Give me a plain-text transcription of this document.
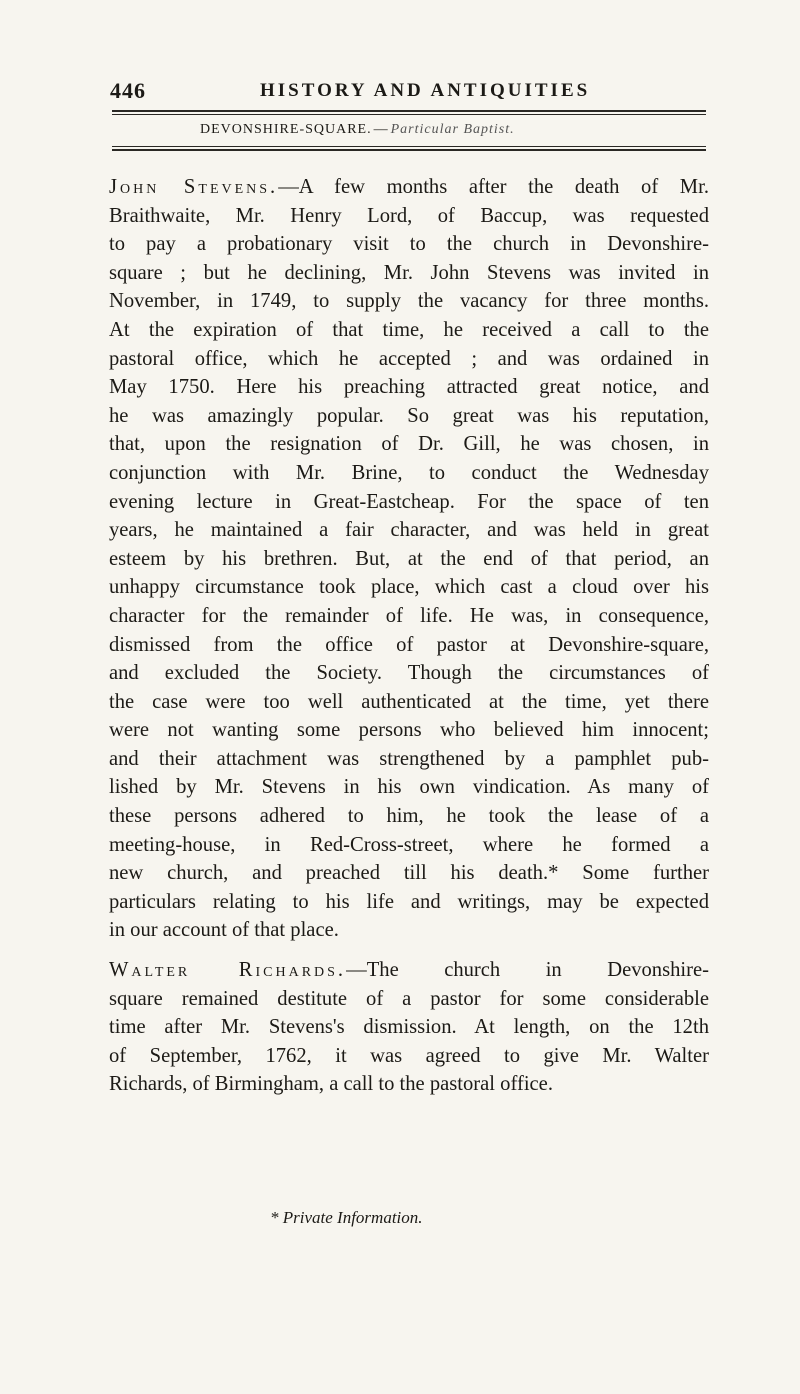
446	HISTORY AND ANTIQUITIES
DEVONSHIRE-SQUARE. — Particular Baptist.
John Stevens.—A few months after the death of Mr.
Braithwaite, Mr. Henry Lord, of Baccup, was requested
to pay a probationary visit to the church in Devonshire-
square ; but he declining, Mr. John Stevens was invited in
November, in 1749, to supply the vacancy for three months.
At the expiration of that time, he received a call to the
pastoral office, which he accepted ; and was ordained in
May 1750. Here his preaching attracted great notice, and
he was amazingly popular. So great was his reputation,
that, upon the resignation of Dr. Gill, he was chosen, in
conjunction with Mr. Brine, to conduct the Wednesday
evening lecture in Great-Eastcheap. For the space of ten
years, he maintained a fair character, and was held in great
esteem by his brethren. But, at the end of that period, an
unhappy circumstance took place, which cast a cloud over his
character for the remainder of life. He was, in consequence,
dismissed from the office of pastor at Devonshire-square,
and excluded the Society. Though the circumstances of
the case were too well authenticated at the time, yet there
were not wanting some persons who believed him innocent;
and their attachment was strengthened by a pamphlet pub-
lished by Mr. Stevens in his own vindication. As many of
these persons adhered to him, he took the lease of a
meeting-house, in Red-Cross-street, where he formed a
new church, and preached till his death.* Some further
particulars relating to his life and writings, may be expected
in our account of that place.
Walter Richards.—The church in Devonshire-
square remained destitute of a pastor for some considerable
time after Mr. Stevens's dismission. At length, on the 12th
of September, 1762, it was agreed to give Mr. Walter
Richards, of Birmingham, a call to the pastoral office.
* Private Information.
